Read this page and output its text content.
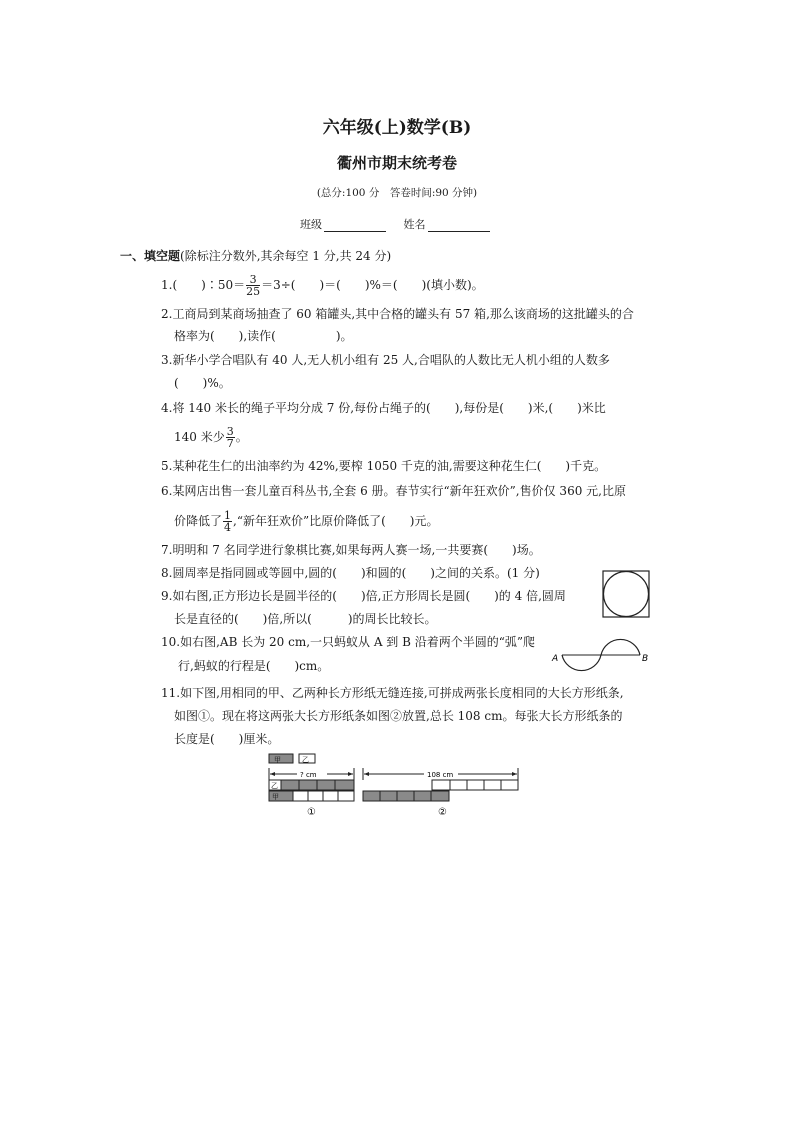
六年级(上)数学(B)
衢州市期末统考卷
(总分:100 分　答卷时间:90 分钟)
班级	姓名
一、填空题(除标注分数外,其余每空 1 分,共 24 分)
1.(　　)∶50＝ $\frac{3}{25} =3\div$(　　)＝(　　)%＝(　　)(填小数)。
2.工商局到某商场抽查了 60 箱罐头,其中合格的罐头有 57 箱,那么该商场的这批罐头的合
格率为(　　),读作(　　　　　)。
3.新华小学合唱队有 40 人,无人机小组有 25 人,合唱队的人数比无人机小组的人数多
(　　)%。
4.将 140 米长的绳子平均分成 7 份,每份占绳子的(　　),每份是(　　)米,(　　)米比
140 米少 $\frac{3}{7}$ 。
5.某种花生仁的出油率约为 42%,要榨 1050 千克的油,需要这种花生仁(　　)千克。
6.某网店出售一套儿童百科丛书,全套 6 册。春节实行“新年狂欢价”,售价仅 360 元,比原
价降低了 $\frac{1}{4}$ ,“新年狂欢价”比原价降低了(　　)元。
7.明明和 7 名同学进行象棋比赛,如果每两人赛一场,一共要赛(　　)场。
8.圆周率是指同圆或等圆中,圆的(　　)和圆的(　　)之间的关系。(1 分)
9.如右图,正方形边长是圆半径的(　　)倍,正方形周长是圆(　　)的 4 倍,圆周
长是直径的(　　)倍,所以(　　　)的周长比较长。
10.如右图,AB 长为 20 cm,一只蚂蚁从 A 到 B 沿着两个半圆的“弧”爬
行,蚂蚁的行程是(　　)cm。	A	B
11.如下图,用相同的甲、乙两种长方形纸无缝连接,可拼成两张长度相同的大长方形纸条,
如图①。现在将这两张大长方形纸条如图②放置,总长 108 cm。每张大长方形纸条的
长度是(　　)厘米。
甲	乙
? cm
乙
甲
108 cm
①	②
